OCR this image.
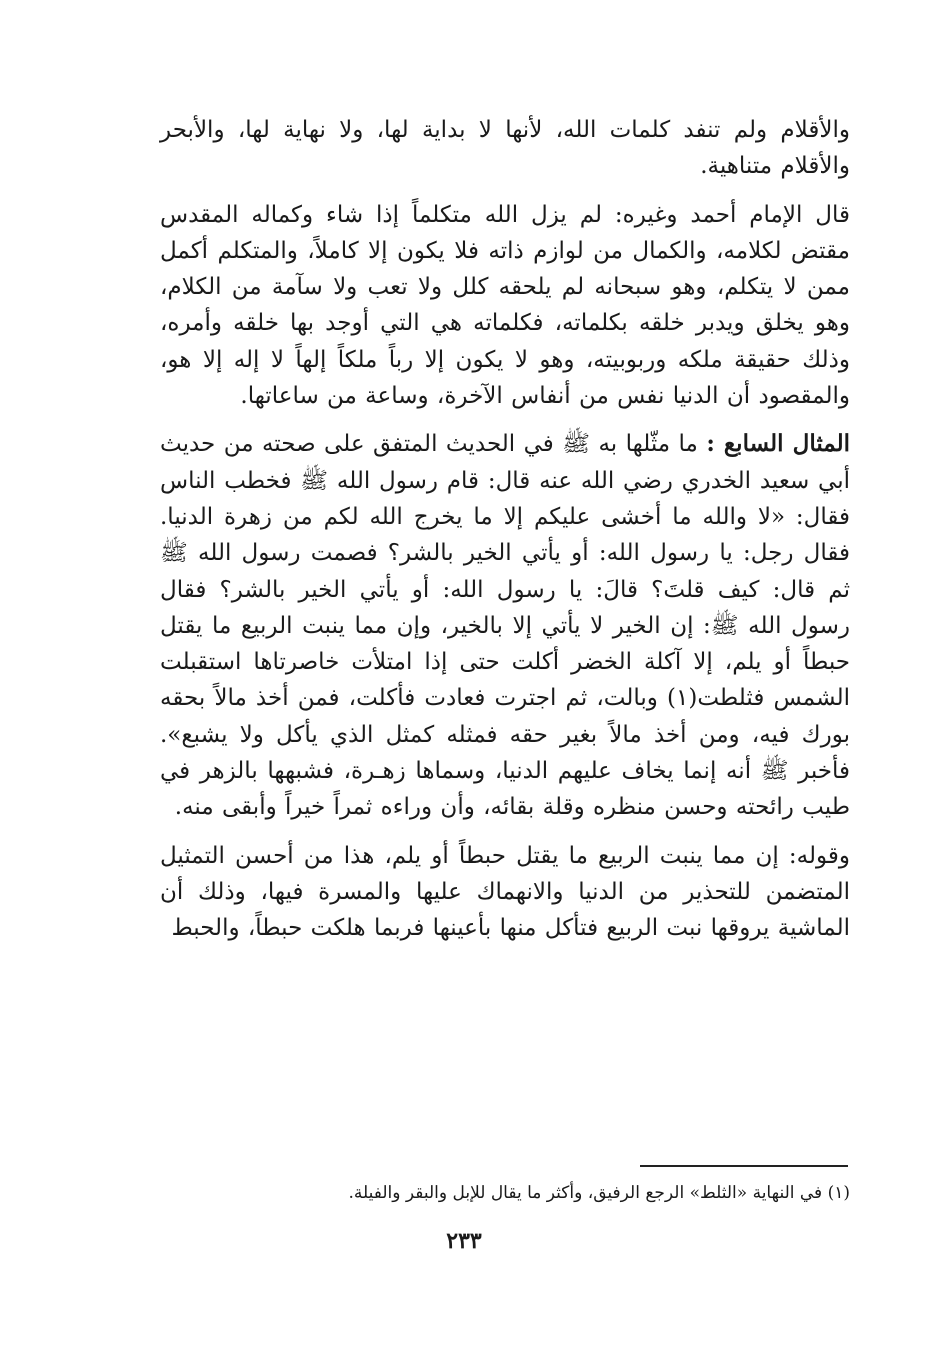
والأقلام ولم تنفد كلمات الله، لأنها لا بداية لها، ولا نهاية لها، والأبحر والأقلام متناهية.

قال الإمام أحمد وغيره: لم يزل الله متكلماً إذا شاء وكماله المقدس مقتض لكلامه، والكمال من لوازم ذاته فلا يكون إلا كاملاً، والمتكلم أكمل ممن لا يتكلم، وهو سبحانه لم يلحقه كلل ولا تعب ولا سآمة من الكلام، وهو يخلق ويدبر خلقه بكلماته، فكلماته هي التي أوجد بها خلقه وأمره، وذلك حقيقة ملكه وربوبيته، وهو لا يكون إلا رباً ملكاً إلهاً لا إله إلا هو، والمقصود أن الدنيا نفس من أنفاس الآخرة، وساعة من ساعاتها.

المثال السابع : ما مثّلها به ﷺ في الحديث المتفق على صحته من حديث أبي سعيد الخدري رضي الله عنه قال: قام رسول الله ﷺ فخطب الناس فقال: «لا والله ما أخشى عليكم إلا ما يخرج الله لكم من زهرة الدنيا. فقال رجل: يا رسول الله: أو يأتي الخير بالشر؟ فصمت رسول الله ﷺ ثم قال: كيف قلتَ؟ قالَ: يا رسول الله: أو يأتي الخير بالشر؟ فقال رسول الله ﷺ: إن الخير لا يأتي إلا بالخير، وإن مما ينبت الربيع ما يقتل حبطاً أو يلم، إلا آكلة الخضر أكلت حتى إذا امتلأت خاصرتاها استقبلت الشمس فثلطت(١) وبالت، ثم اجترت فعادت فأكلت، فمن أخذ مالاً بحقه بورك فيه، ومن أخذ مالاً بغير حقه فمثله كمثل الذي يأكل ولا يشبع». فأخبر ﷺ أنه إنما يخاف عليهم الدنيا، وسماها زهـرة، فشبهها بالزهر في طيب رائحته وحسن منظره وقلة بقائه، وأن وراءه ثمراً خيراً وأبقى منه.

وقوله: إن مما ينبت الربيع ما يقتل حبطاً أو يلم، هذا من أحسن التمثيل المتضمن للتحذير من الدنيا والانهماك عليها والمسرة فيها، وذلك أن الماشية يروقها نبت الربيع فتأكل منها بأعينها فربما هلكت حبطاً، والحبط

(١) في النهاية «الثلط» الرجع الرفيق، وأكثر ما يقال للإبل والبقر والفيلة.
٢٣٣
